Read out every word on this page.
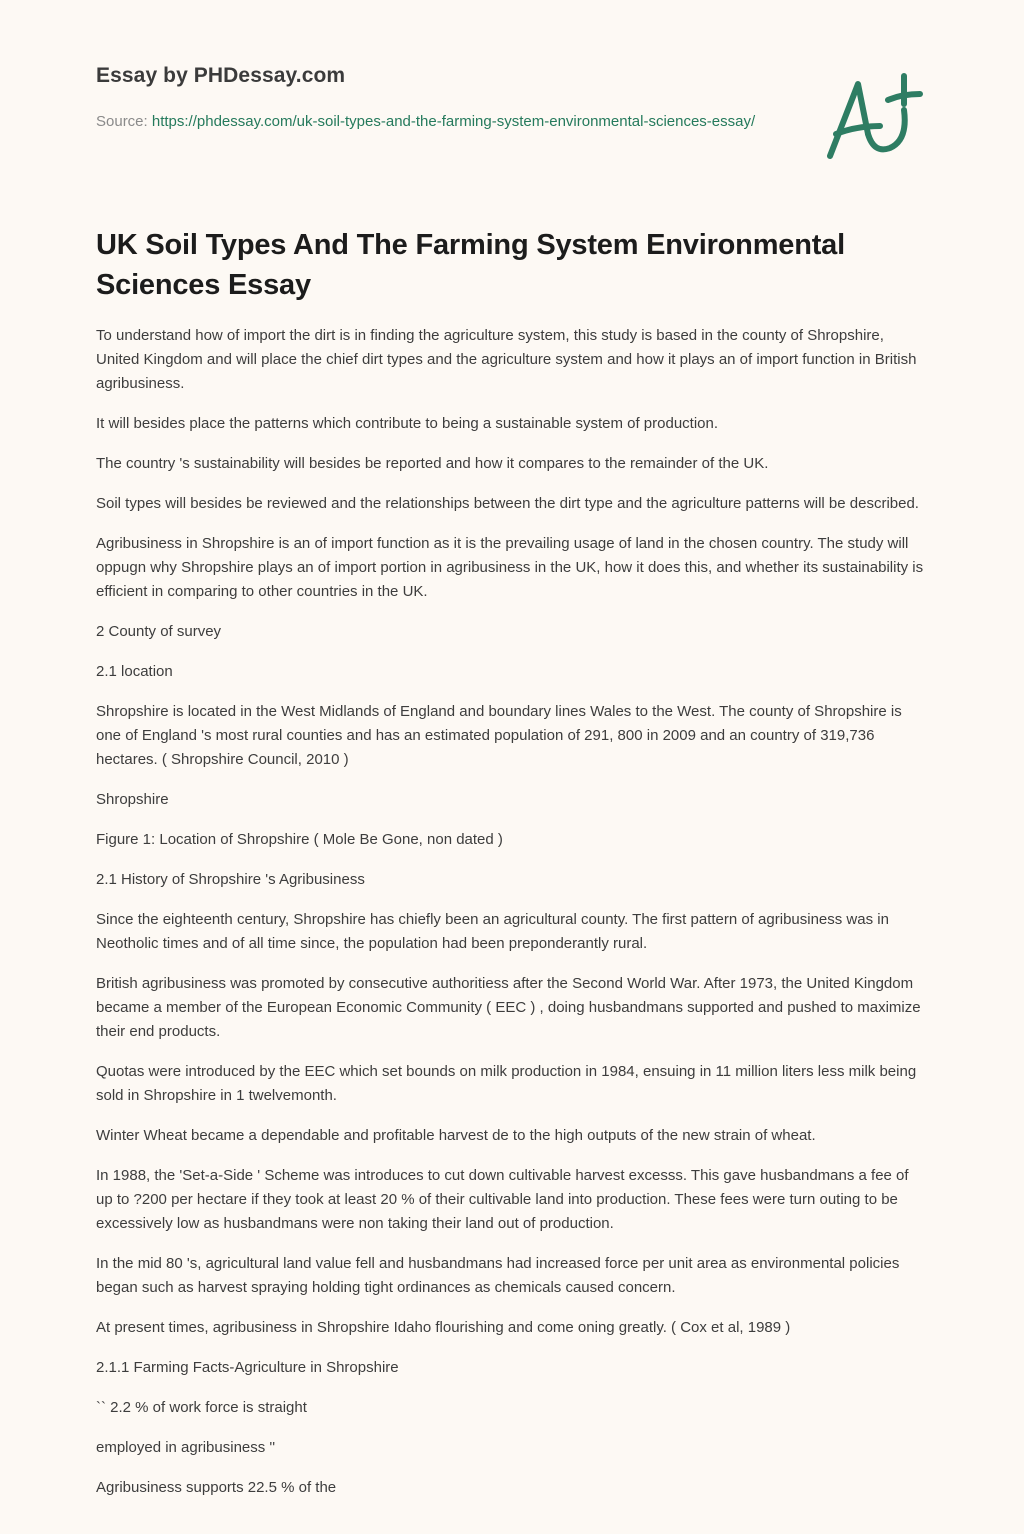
Essay by PHDessay.com
Source: https://phdessay.com/uk-soil-types-and-the-farming-system-environmental-sciences-essay/
UK Soil Types And The Farming System Environmental Sciences Essay

To understand how of import the dirt is in finding the agriculture system, this study is based in the county of Shropshire, United Kingdom and will place the chief dirt types and the agriculture system and how it plays an of import function in British agribusiness.

It will besides place the patterns which contribute to being a sustainable system of production.

The country 's sustainability will besides be reported and how it compares to the remainder of the UK.

Soil types will besides be reviewed and the relationships between the dirt type and the agriculture patterns will be described.

Agribusiness in Shropshire is an of import function as it is the prevailing usage of land in the chosen country. The study will oppugn why Shropshire plays an of import portion in agribusiness in the UK, how it does this, and whether its sustainability is efficient in comparing to other countries in the UK.

2 County of survey

2.1 location

Shropshire is located in the West Midlands of England and boundary lines Wales to the West. The county of Shropshire is one of England 's most rural counties and has an estimated population of 291, 800 in 2009 and an country of 319,736 hectares. ( Shropshire Council, 2010 )

Shropshire

Figure 1: Location of Shropshire ( Mole Be Gone, non dated )

2.1 History of Shropshire 's Agribusiness

Since the eighteenth century, Shropshire has chiefly been an agricultural county. The first pattern of agribusiness was in Neotholic times and of all time since, the population had been preponderantly rural.

British agribusiness was promoted by consecutive authoritiess after the Second World War. After 1973, the United Kingdom became a member of the European Economic Community ( EEC ) , doing husbandmans supported and pushed to maximize their end products.

Quotas were introduced by the EEC which set bounds on milk production in 1984, ensuing in 11 million liters less milk being sold in Shropshire in 1 twelvemonth.

Winter Wheat became a dependable and profitable harvest de to the high outputs of the new strain of wheat.

In 1988, the 'Set-a-Side ' Scheme was introduces to cut down cultivable harvest excesss. This gave husbandmans a fee of up to ?200 per hectare if they took at least 20 % of their cultivable land into production. These fees were turn outing to be excessively low as husbandmans were non taking their land out of production.

In the mid 80 's, agricultural land value fell and husbandmans had increased force per unit area as environmental policies began such as harvest spraying holding tight ordinances as chemicals caused concern.

At present times, agribusiness in Shropshire Idaho flourishing and come oning greatly. ( Cox et al, 1989 )

2.1.1 Farming Facts-Agriculture in Shropshire

`` 2.2 % of work force is straight

employed in agribusiness ''

Agribusiness supports 22.5 % of the
